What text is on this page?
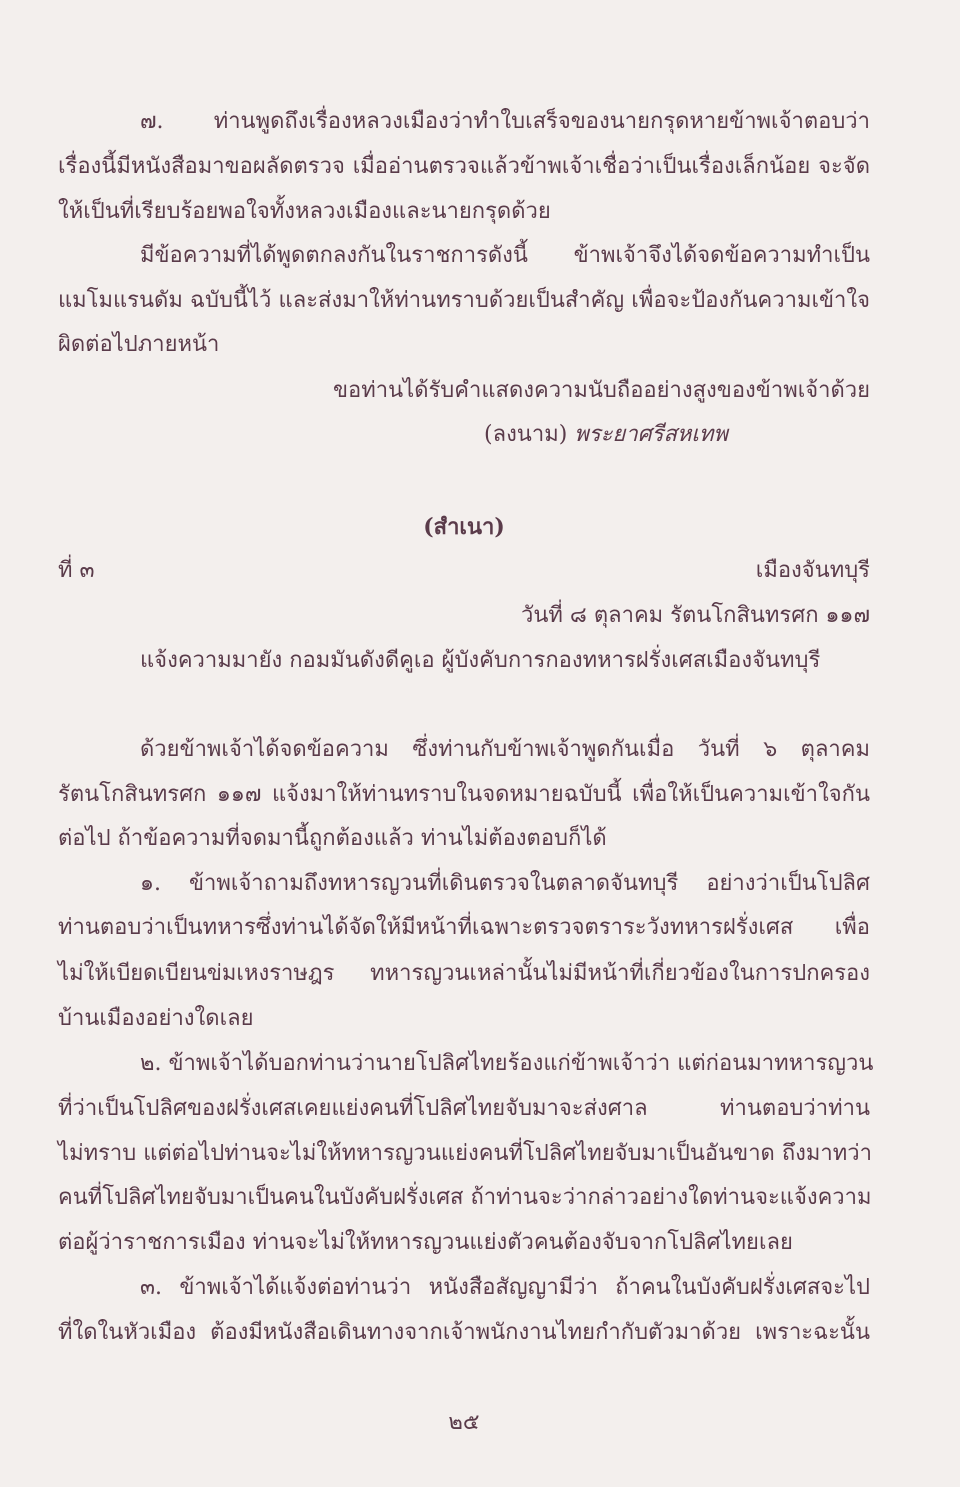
๗. ท่านพูดถึงเรื่องหลวงเมืองว่าทำใบเสร็จของนายกรุดหายข้าพเจ้าตอบว่า
เรื่องนี้มีหนังสือมาขอผลัดตรวจ เมื่ออ่านตรวจแล้วข้าพเจ้าเชื่อว่าเป็นเรื่องเล็กน้อย จะจัด
ให้เป็นที่เรียบร้อยพอใจทั้งหลวงเมืองและนายกรุดด้วย
มีข้อความที่ได้พูดตกลงกันในราชการดังนี้ ข้าพเจ้าจึงได้จดข้อความทำเป็น
แมโมแรนดัม ฉบับนี้ไว้ และส่งมาให้ท่านทราบด้วยเป็นสำคัญ เพื่อจะป้องกันความเข้าใจ
ผิดต่อไปภายหน้า
ขอท่านได้รับคำแสดงความนับถืออย่างสูงของข้าพเจ้าด้วย
(ลงนาม) พระยาศรีสหเทพ
(สำเนา)
ที่ ๓	เมืองจันทบุรี
วันที่ ๘ ตุลาคม รัตนโกสินทรศก ๑๑๗
แจ้งความมายัง กอมมันดังดีคูเอ ผู้บังคับการกองทหารฝรั่งเศสเมืองจันทบุรี
ด้วยข้าพเจ้าได้จดข้อความ ซึ่งท่านกับข้าพเจ้าพูดกันเมื่อ วันที่ ๖ ตุลาคม
รัตนโกสินทรศก ๑๑๗ แจ้งมาให้ท่านทราบในจดหมายฉบับนี้ เพื่อให้เป็นความเข้าใจกัน
ต่อไป ถ้าข้อความที่จดมานี้ถูกต้องแล้ว ท่านไม่ต้องตอบก็ได้
๑. ข้าพเจ้าถามถึงทหารญวนที่เดินตรวจในตลาดจันทบุรี อย่างว่าเป็นโปลิศ
ท่านตอบว่าเป็นทหารซึ่งท่านได้จัดให้มีหน้าที่เฉพาะตรวจตราระวังทหารฝรั่งเศส เพื่อ
ไม่ให้เบียดเบียนข่มเหงราษฎร ทหารญวนเหล่านั้นไม่มีหน้าที่เกี่ยวข้องในการปกครอง
บ้านเมืองอย่างใดเลย
๒. ข้าพเจ้าได้บอกท่านว่านายโปลิศไทยร้องแก่ข้าพเจ้าว่า แต่ก่อนมาทหารญวน
ที่ว่าเป็นโปลิศของฝรั่งเศสเคยแย่งคนที่โปลิศไทยจับมาจะส่งศาล ท่านตอบว่าท่าน
ไม่ทราบ แต่ต่อไปท่านจะไม่ให้ทหารญวนแย่งคนที่โปลิศไทยจับมาเป็นอันขาด ถึงมาทว่า
คนที่โปลิศไทยจับมาเป็นคนในบังคับฝรั่งเศส ถ้าท่านจะว่ากล่าวอย่างใดท่านจะแจ้งความ
ต่อผู้ว่าราชการเมือง ท่านจะไม่ให้ทหารญวนแย่งตัวคนต้องจับจากโปลิศไทยเลย
๓. ข้าพเจ้าได้แจ้งต่อท่านว่า หนังสือสัญญามีว่า ถ้าคนในบังคับฝรั่งเศสจะไป
ที่ใดในหัวเมือง ต้องมีหนังสือเดินทางจากเจ้าพนักงานไทยกำกับตัวมาด้วย เพราะฉะนั้น
๒๕
